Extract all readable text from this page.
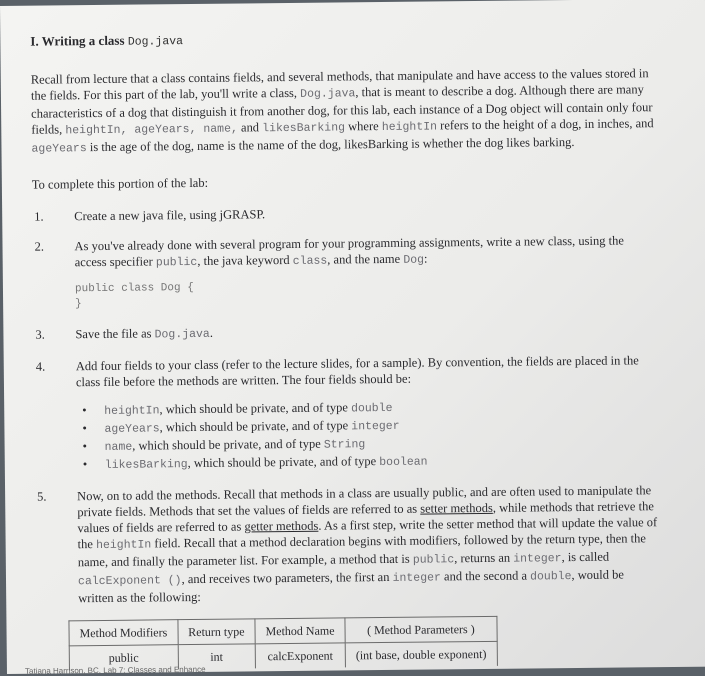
I. Writing a class Dog.java

Recall from lecture that a class contains fields, and several methods, that manipulate and have access to the values stored in the fields. For this part of the lab, you'll write a class, Dog.java, that is meant to describe a dog. Although there are many characteristics of a dog that distinguish it from another dog, for this lab, each instance of a Dog object will contain only four fields, heightIn, ageYears, name, and likesBarking where heightIn refers to the height of a dog, in inches, and ageYears is the age of the dog, name is the name of the dog, likesBarking is whether the dog likes barking.

To complete this portion of the lab:

1.	Create a new java file, using jGRASP.
2.	As you've already done with several program for your programming assignments, write a new class, using the access specifier public, the java keyword class, and the name Dog:
public class Dog {
}
3.	Save the file as Dog.java.
4.	Add four fields to your class (refer to the lecture slides, for a sample). By convention, the fields are placed in the class file before the methods are written. The four fields should be:
• heightIn, which should be private, and of type double
• ageYears, which should be private, and of type integer
• name, which should be private, and of type String
• likesBarking, which should be private, and of type boolean
5.	Now, on to add the methods. Recall that methods in a class are usually public, and are often used to manipulate the private fields. Methods that set the values of fields are referred to as setter methods, while methods that retrieve the values of fields are referred to as getter methods. As a first step, write the setter method that will update the value of the heightIn field. Recall that a method declaration begins with modifiers, followed by the return type, then the name, and finally the parameter list. For example, a method that is public, returns an integer, is called calcExponent (), and receives two parameters, the first an integer and the second a double, would be written as the following:
Method Modifiers	Return type	Method Name	( Method Parameters )
public	int	calcExponent	(int base, double exponent)
Tatiana Harrison, BC, Lab 7: Classes and Enhance
